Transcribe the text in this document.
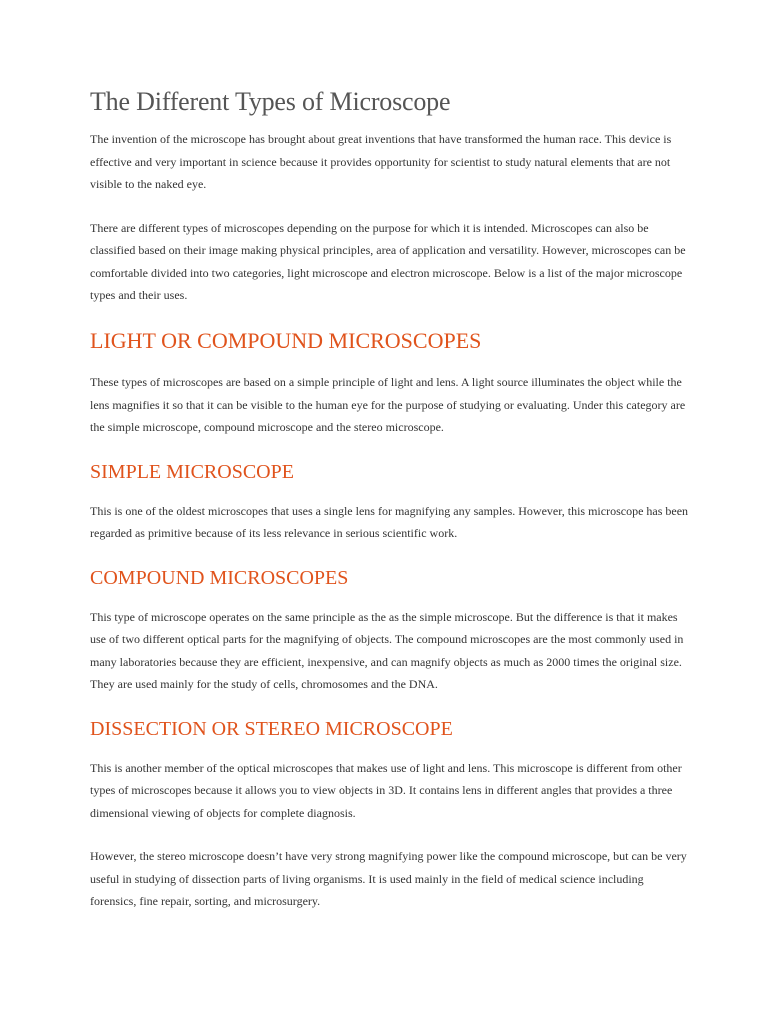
The Different Types of Microscope

The invention of the microscope has brought about great inventions that have transformed the human race. This device is effective and very important in science because it provides opportunity for scientist to study natural elements that are not visible to the naked eye.

There are different types of microscopes depending on the purpose for which it is intended. Microscopes can also be classified based on their image making physical principles, area of application and versatility. However, microscopes can be comfortable divided into two categories, light microscope and electron microscope. Below is a list of the major microscope types and their uses.

LIGHT OR COMPOUND MICROSCOPES

These types of microscopes are based on a simple principle of light and lens. A light source illuminates the object while the lens magnifies it so that it can be visible to the human eye for the purpose of studying or evaluating. Under this category are the simple microscope, compound microscope and the stereo microscope.

SIMPLE MICROSCOPE

This is one of the oldest microscopes that uses a single lens for magnifying any samples. However, this microscope has been regarded as primitive because of its less relevance in serious scientific work.

COMPOUND MICROSCOPES

This type of microscope operates on the same principle as the as the simple microscope. But the difference is that it makes use of two different optical parts for the magnifying of objects. The compound microscopes are the most commonly used in many laboratories because they are efficient, inexpensive, and can magnify objects as much as 2000 times the original size. They are used mainly for the study of cells, chromosomes and the DNA.

DISSECTION OR STEREO MICROSCOPE

This is another member of the optical microscopes that makes use of light and lens. This microscope is different from other types of microscopes because it allows you to view objects in 3D. It contains lens in different angles that provides a three dimensional viewing of objects for complete diagnosis.

However, the stereo microscope doesn’t have very strong magnifying power like the compound microscope, but can be very useful in studying of dissection parts of living organisms. It is used mainly in the field of medical science including forensics, fine repair, sorting, and microsurgery.
